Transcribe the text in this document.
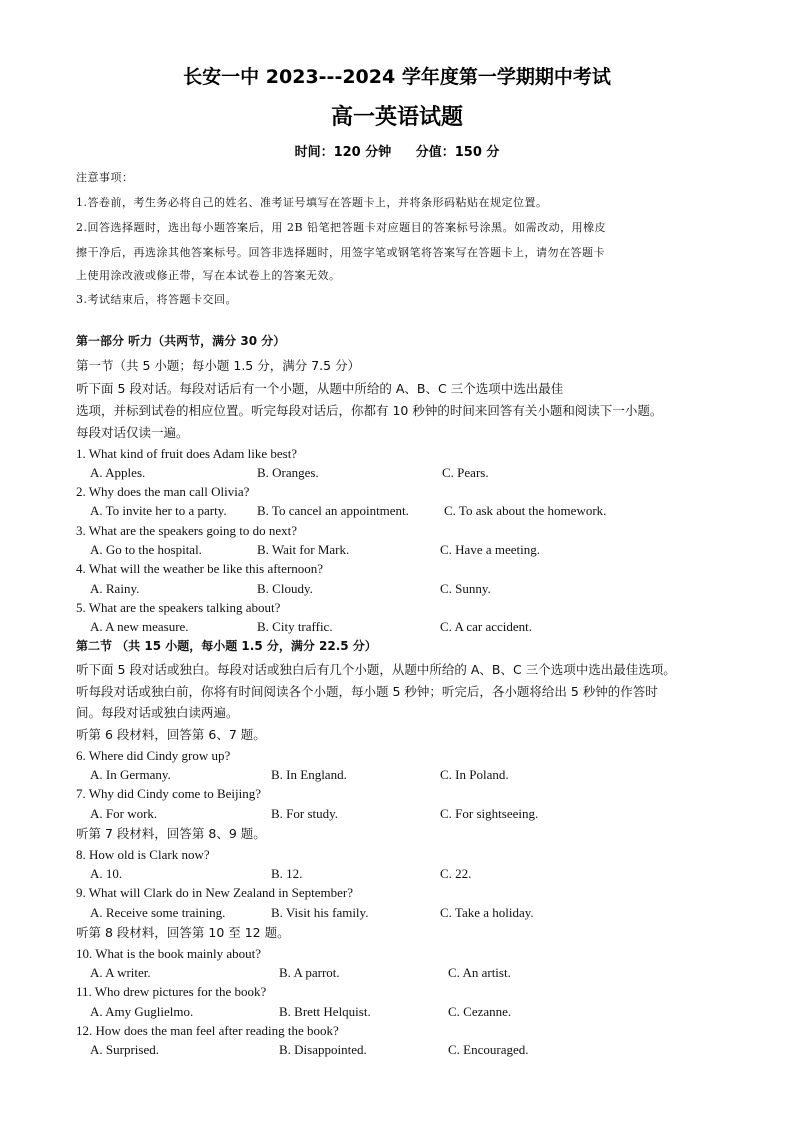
长安一中 2023---2024 学年度第一学期期中考试
高一英语试题
时间：120 分钟 分值：150 分
注意事项：
1.答卷前，考生务必将自己的姓名、准考证号填写在答题卡上，并将条形码粘贴在规定位置。
2.回答选择题时，选出每小题答案后，用 2B 铅笔把答题卡对应题目的答案标号涂黑。如需改动，用橡皮
擦干净后，再选涂其他答案标号。回答非选择题时，用签字笔或钢笔将答案写在答题卡上，请勿在答题卡
上使用涂改液或修正带，写在本试卷上的答案无效。
3.考试结束后，将答题卡交回。
第一部分 听力（共两节，满分 30 分）
第一节（共 5 小题；每小题 1.5 分，满分 7.5 分）
听下面 5 段对话。每段对话后有一个小题，从题中所给的 A、B、C 三个选项中选出最佳
选项，并标到试卷的相应位置。听完每段对话后，你都有 10 秒钟的时间来回答有关小题和阅读下一小题。
每段对话仅读一遍。
1. What kind of fruit does Adam like best?
A. Apples.	B. Oranges.	C. Pears.
2. Why does the man call Olivia?
A. To invite her to a party. B. To cancel an appointment.	C. To ask about the homework.
3. What are the speakers going to do next?
A. Go to the hospital.	B. Wait for Mark.	C. Have a meeting.
4. What will the weather be like this afternoon?
A. Rainy.	B. Cloudy.	C. Sunny.
5. What are the speakers talking about?
A. A new measure.	B. City traffic.	C. A car accident.
第二节 （共 15 小题，每小题 1.5 分，满分 22.5 分）
听下面 5 段对话或独白。每段对话或独白后有几个小题，从题中所给的 A、B、C 三个选项中选出最佳选项。
听每段对话或独白前，你将有时间阅读各个小题，每小题 5 秒钟；听完后，各小题将给出 5 秒钟的作答时
间。每段对话或独白读两遍。
听第 6 段材料，回答第 6、7 题。
6. Where did Cindy grow up?
A. In Germany.	B. In England.	C. In Poland.
7. Why did Cindy come to Beijing?
A. For work.	B. For study.	C. For sightseeing.
听第 7 段材料，回答第 8、9 题。
8. How old is Clark now?
A. 10.	B. 12.	C. 22.
9. What will Clark do in New Zealand in September?
A. Receive some training.	B. Visit his family.	C. Take a holiday.
听第 8 段材料，回答第 10 至 12 题。
10. What is the book mainly about?
A. A writer.	B. A parrot.	C. An artist.
11. Who drew pictures for the book?
A. Amy Guglielmo.	B. Brett Helquist.	C. Cezanne.
12. How does the man feel after reading the book?
A. Surprised.	B. Disappointed.	C. Encouraged.
